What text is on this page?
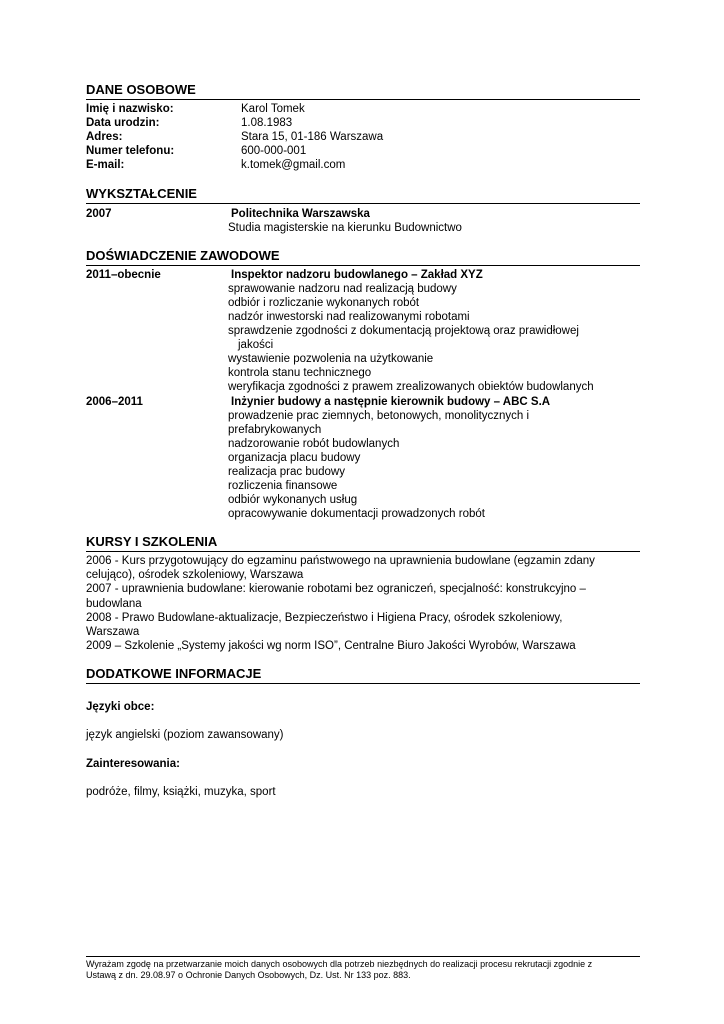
DANE OSOBOWE
Imię i nazwisko:	Karol Tomek
Data urodzin:	1.08.1983
Adres:	Stara 15, 01-186 Warszawa
Numer telefonu:	600-000-001
E-mail:	k.tomek@gmail.com
WYKSZTAŁCENIE
2007	Politechnika Warszawska
Studia magisterskie na kierunku Budownictwo
DOŚWIADCZENIE ZAWODOWE
2011–obecnie	Inspektor nadzoru budowlanego – Zakład XYZ
sprawowanie nadzoru nad realizacją budowy
odbiór i rozliczanie wykonanych robót
nadzór inwestorski nad realizowanymi robotami
sprawdzenie zgodności z dokumentacją projektową oraz prawidłowej
jakości
wystawienie pozwolenia na użytkowanie
kontrola stanu technicznego
weryfikacja zgodności z prawem zrealizowanych obiektów budowlanych
2006–2011	Inżynier budowy a następnie kierownik budowy – ABC S.A
prowadzenie prac ziemnych, betonowych, monolitycznych i
prefabrykowanych
nadzorowanie robót budowlanych
organizacja placu budowy
realizacja prac budowy
rozliczenia finansowe
odbiór wykonanych usług
opracowywanie dokumentacji prowadzonych robót
KURSY I SZKOLENIA
2006 - Kurs przygotowujący do egzaminu państwowego na uprawnienia budowlane (egzamin zdany
celująco), ośrodek szkoleniowy, Warszawa
2007 - uprawnienia budowlane: kierowanie robotami bez ograniczeń, specjalność: konstrukcyjno –
budowlana
2008 - Prawo Budowlane-aktualizacje, Bezpieczeństwo i Higiena Pracy, ośrodek szkoleniowy,
Warszawa
2009 – Szkolenie „Systemy jakości wg norm ISO”, Centralne Biuro Jakości Wyrobów, Warszawa
DODATKOWE INFORMACJE
Języki obce:
język angielski (poziom zawansowany)
Zainteresowania:
podróże, filmy, książki, muzyka, sport
Wyrażam zgodę na przetwarzanie moich danych osobowych dla potrzeb niezbędnych do realizacji procesu rekrutacji zgodnie z
Ustawą z dn. 29.08.97 o Ochronie Danych Osobowych, Dz. Ust. Nr 133 poz. 883.
